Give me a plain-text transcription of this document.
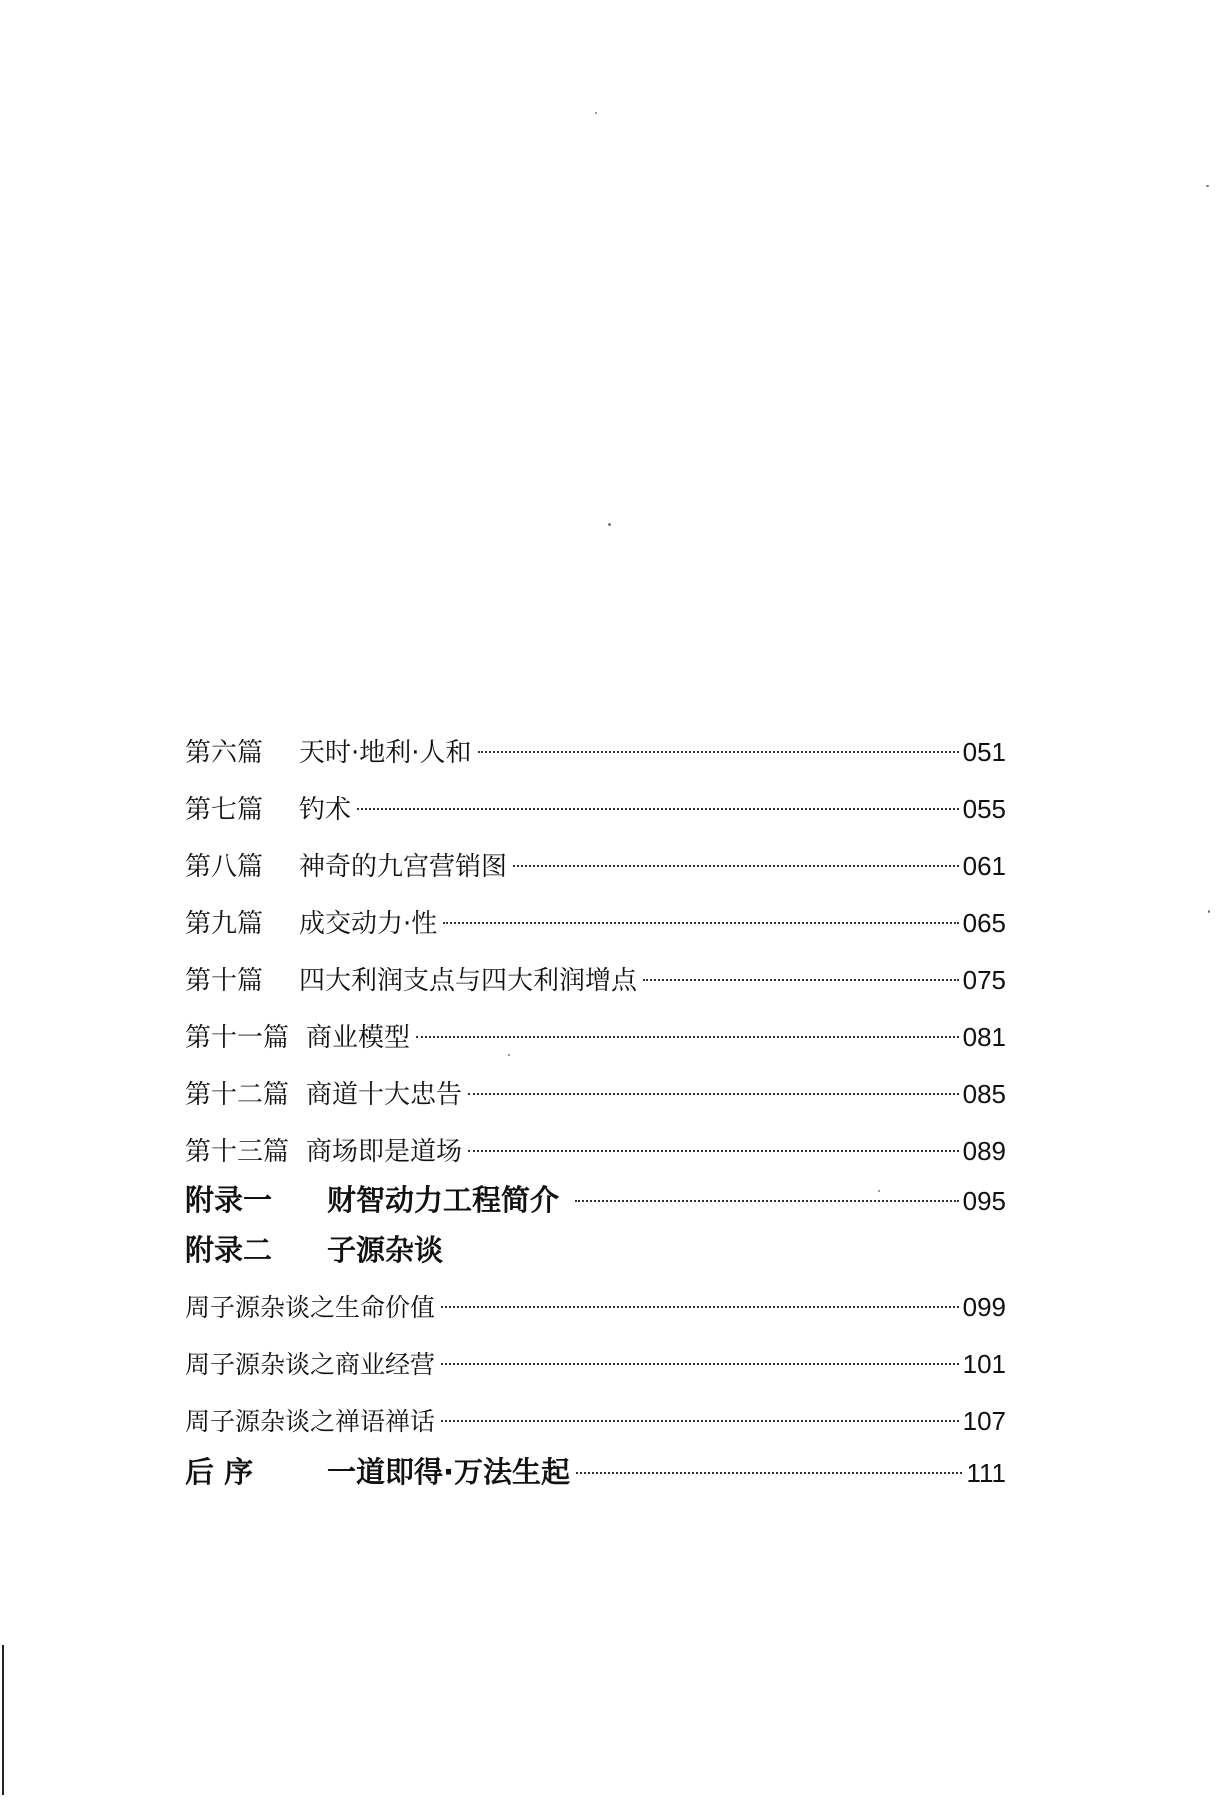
第六篇	天时·地利·人和	051
第七篇	钓术	055
第八篇	神奇的九宫营销图	061
第九篇	成交动力·性	065
第十篇	四大利润支点与四大利润增点	075
第十一篇 商业模型	081
第十二篇 商道十大忠告	085
第十三篇 商场即是道场	089
附录一	财智动力工程简介	095
附录二	子源杂谈
周子源杂谈之生命价值	099
周子源杂谈之商业经营	101
周子源杂谈之禅语禅话	107
后 序	一道即得·万法生起	111
